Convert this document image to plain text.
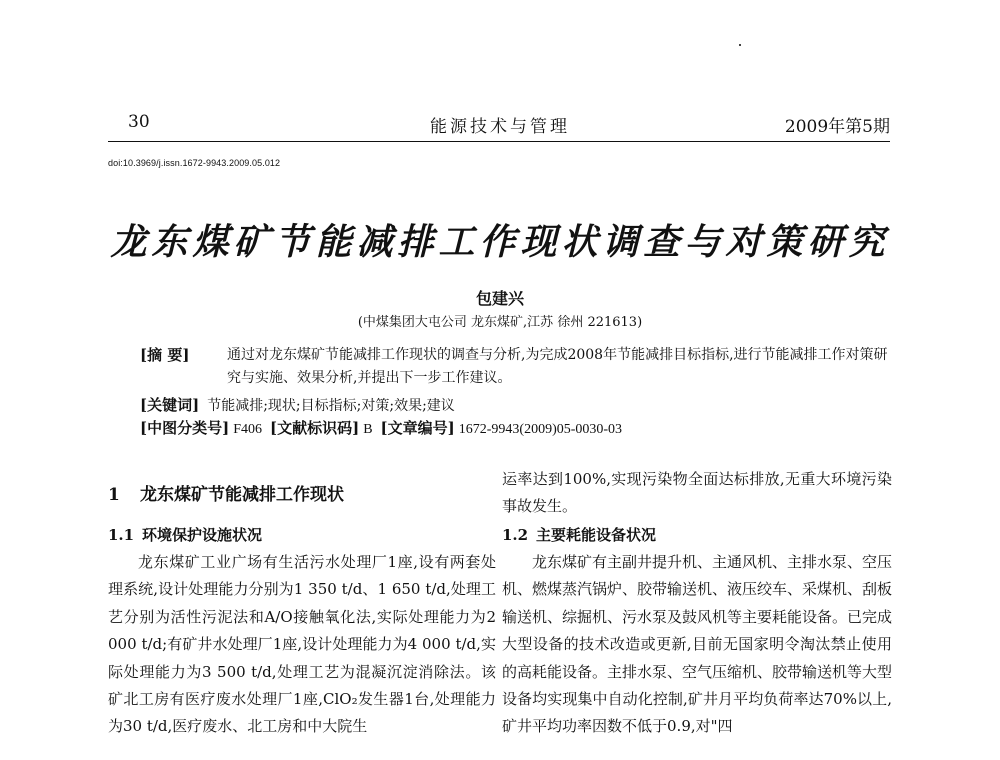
30	能源技术与管理	2009年第5期
doi:10.3969/j.issn.1672-9943.2009.05.012
龙东煤矿节能减排工作现状调查与对策研究
包建兴
(中煤集团大屯公司 龙东煤矿,江苏 徐州 221613)
[摘 要]	通过对龙东煤矿节能减排工作现状的调查与分析,为完成2008年节能减排目标指标,进行节能减排工作对策研究与实施、效果分析,并提出下一步工作建议。
[关键词] 节能减排;现状;目标指标;对策;效果;建议
[中图分类号] F406 [文献标识码] B [文章编号] 1672-9943(2009)05-0030-03
1 龙东煤矿节能减排工作现状
1.1 环境保护设施状况
龙东煤矿工业广场有生活污水处理厂1座,设有两套处理系统,设计处理能力分别为1 350 t/d、1 650 t/d,处理工艺分别为活性污泥法和A/O接触氧化法,实际处理能力为2 000 t/d;有矿井水处理厂1座,设计处理能力为4 000 t/d,实际处理能力为3 500 t/d,处理工艺为混凝沉淀消除法。该矿北工房有医疗废水处理厂1座,ClO₂发生器1台,处理能力为30 t/d,医疗废水、北工房和中大院生
运率达到100%,实现污染物全面达标排放,无重大环境污染事故发生。
1.2 主要耗能设备状况
龙东煤矿有主副井提升机、主通风机、主排水泵、空压机、燃煤蒸汽锅炉、胶带输送机、液压绞车、采煤机、刮板输送机、综掘机、污水泵及鼓风机等主要耗能设备。已完成大型设备的技术改造或更新,目前无国家明令淘汰禁止使用的高耗能设备。主排水泵、空气压缩机、胶带输送机等大型设备均实现集中自动化控制,矿井月平均负荷率达70%以上,矿井平均功率因数不低于0.9,对"四
